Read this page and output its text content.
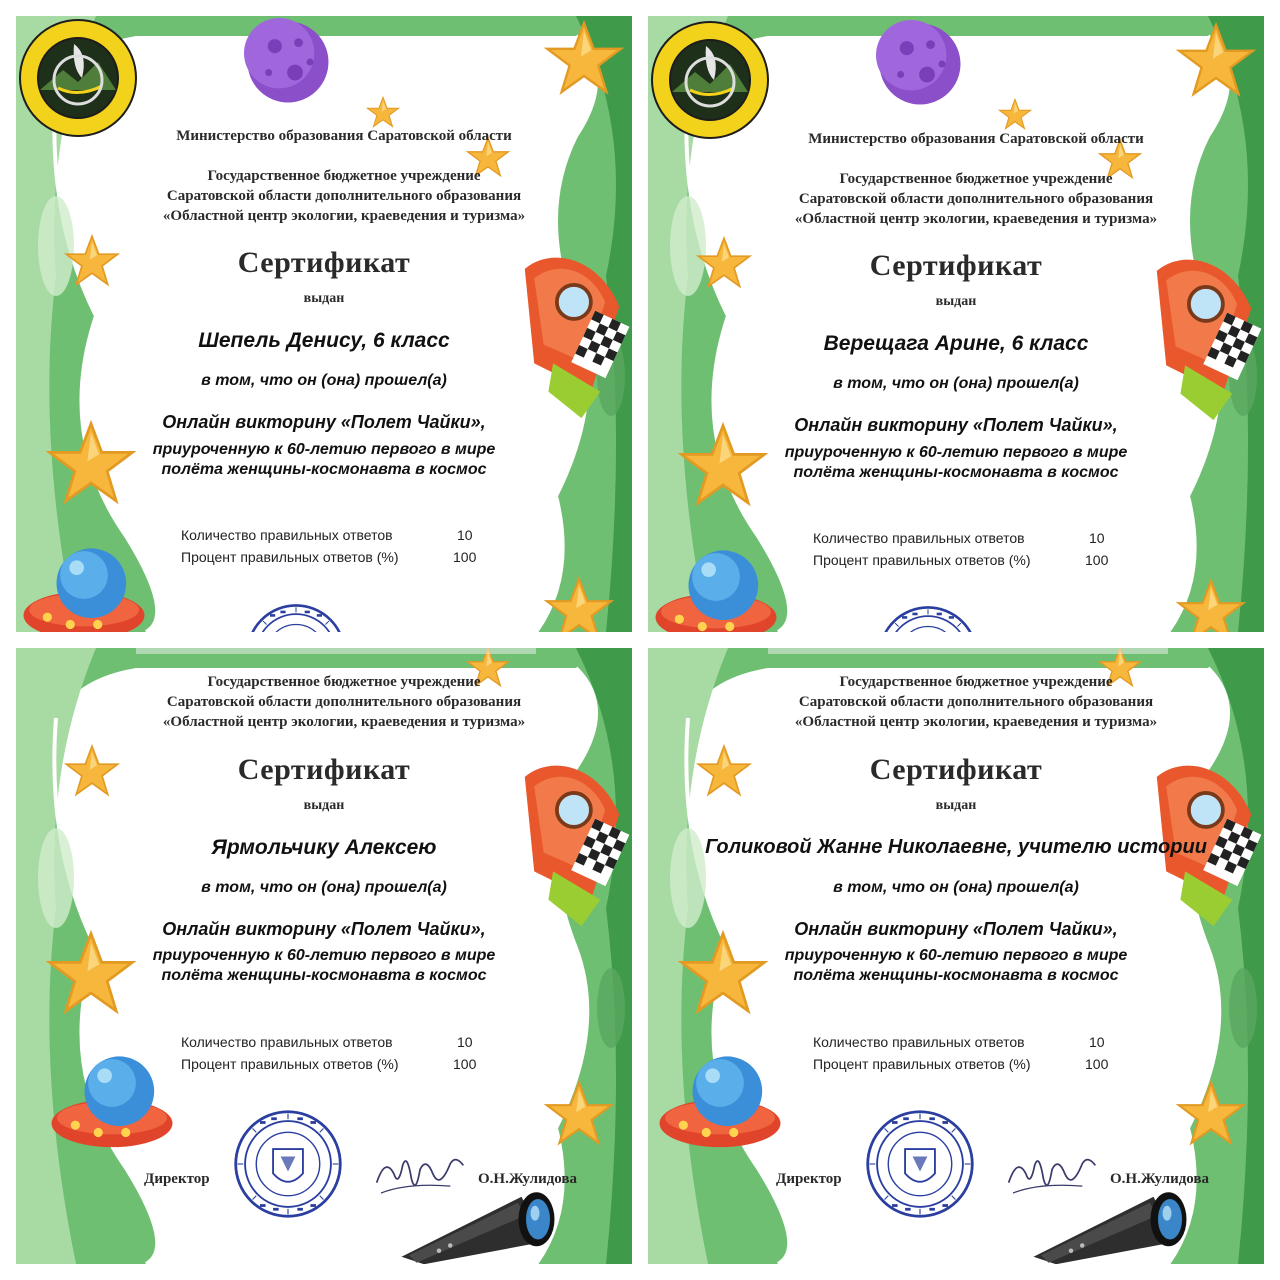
Министерство образования Саратовской области
Государственное бюджетное учреждение
Саратовской области дополнительного образования
«Областной центр экологии, краеведения и туризма»
Сертификат
выдан
Шепель Денису, 6 класс
в том, что он (она) прошел(а)
Онлайн викторину «Полет Чайки»,
приуроченную к 60-летию первого в мире
полёта женщины-космонавта в космос
Количество правильных ответов	10
Процент правильных ответов (%)	100
Министерство образования Саратовской области
Государственное бюджетное учреждение
Саратовской области дополнительного образования
«Областной центр экологии, краеведения и туризма»
Сертификат
выдан
Верещага Арине, 6 класс
в том, что он (она) прошел(а)
Онлайн викторину «Полет Чайки»,
приуроченную к 60-летию первого в мире
полёта женщины-космонавта в космос
Количество правильных ответов	10
Процент правильных ответов (%)	100
Государственное бюджетное учреждение
Саратовской области дополнительного образования
«Областной центр экологии, краеведения и туризма»
Сертификат
выдан
Ярмольчику Алексею
в том, что он (она) прошел(а)
Онлайн викторину «Полет Чайки»,
приуроченную к 60-летию первого в мире
полёта женщины-космонавта в космос
Количество правильных ответов	10
Процент правильных ответов (%)	100
Директор	О.Н.Жулидова
Государственное бюджетное учреждение
Саратовской области дополнительного образования
«Областной центр экологии, краеведения и туризма»
Сертификат
выдан
Голиковой Жанне Николаевне, учителю истории
в том, что он (она) прошел(а)
Онлайн викторину «Полет Чайки»,
приуроченную к 60-летию первого в мире
полёта женщины-космонавта в космос
Количество правильных ответов	10
Процент правильных ответов (%)	100
Директор	О.Н.Жулидова
